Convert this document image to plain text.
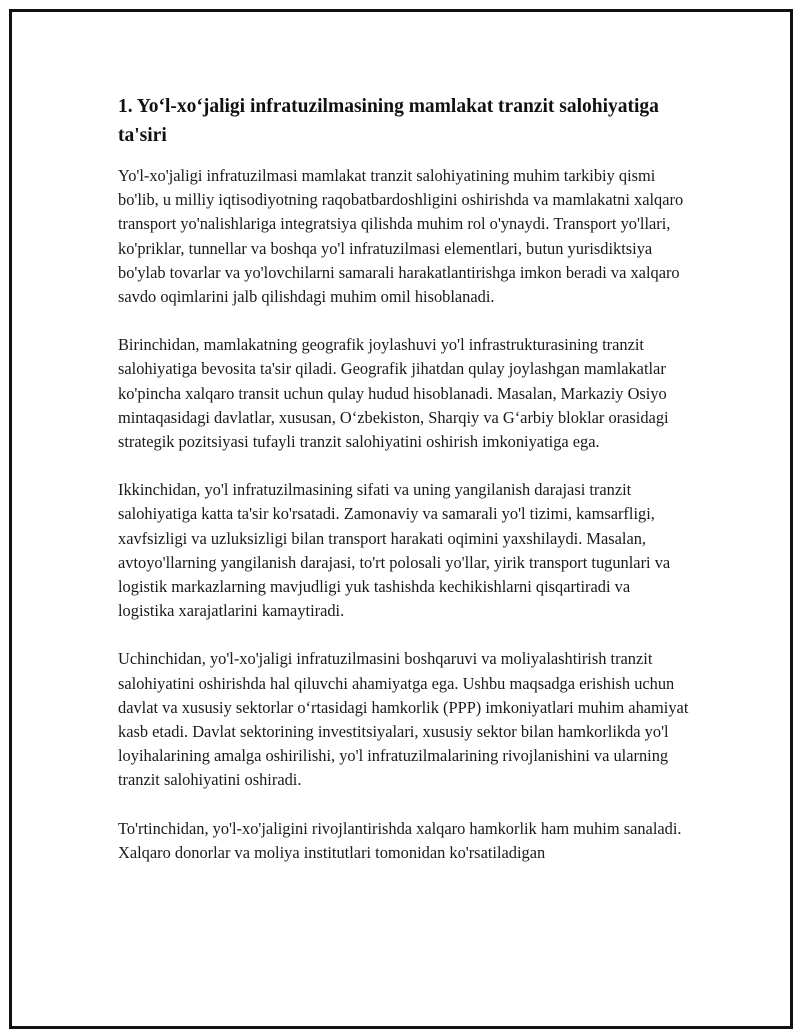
1. Yo‘l-xo‘jaligi infratuzilmasining mamlakat tranzit salohiyatiga ta'siri

Yo'l-xo'jaligi infratuzilmasi mamlakat tranzit salohiyatining muhim tarkibiy qismi bo'lib, u milliy iqtisodiyotning raqobatbardoshligini oshirishda va mamlakatni xalqaro transport yo'nalishlariga integratsiya qilishda muhim rol o'ynaydi. Transport yo'llari, ko'priklar, tunnellar va boshqa yo'l infratuzilmasi elementlari, butun yurisdiktsiya bo'ylab tovarlar va yo'lovchilarni samarali harakatlantirishga imkon beradi va xalqaro savdo oqimlarini jalb qilishdagi muhim omil hisoblanadi.

Birinchidan, mamlakatning geografik joylashuvi yo'l infrastrukturasining tranzit salohiyatiga bevosita ta'sir qiladi. Geografik jihatdan qulay joylashgan mamlakatlar ko'pincha xalqaro transit uchun qulay hudud hisoblanadi. Masalan, Markaziy Osiyo mintaqasidagi davlatlar, xususan, O‘zbekiston, Sharqiy va G‘arbiy bloklar orasidagi strategik pozitsiyasi tufayli tranzit salohiyatini oshirish imkoniyatiga ega.

Ikkinchidan, yo'l infratuzilmasining sifati va uning yangilanish darajasi tranzit salohiyatiga katta ta'sir ko'rsatadi. Zamonaviy va samarali yo'l tizimi, kamsarfligi, xavfsizligi va uzluksizligi bilan transport harakati oqimini yaxshilaydi. Masalan, avtoyo'llarning yangilanish darajasi, to'rt polosali yo'llar, yirik transport tugunlari va logistik markazlarning mavjudligi yuk tashishda kechikishlarni qisqartiradi va logistika xarajatlarini kamaytiradi.

Uchinchidan, yo'l-xo'jaligi infratuzilmasini boshqaruvi va moliyalashtirish tranzit salohiyatini oshirishda hal qiluvchi ahamiyatga ega. Ushbu maqsadga erishish uchun davlat va xususiy sektorlar o‘rtasidagi hamkorlik (PPP) imkoniyatlari muhim ahamiyat kasb etadi. Davlat sektorining investitsiyalari, xususiy sektor bilan hamkorlikda yo'l loyihalarining amalga oshirilishi, yo'l infratuzilmalarining rivojlanishini va ularning tranzit salohiyatini oshiradi.

To'rtinchidan, yo'l-xo'jaligini rivojlantirishda xalqaro hamkorlik ham muhim sanaladi. Xalqaro donorlar va moliya institutlari tomonidan ko'rsatiladigan
